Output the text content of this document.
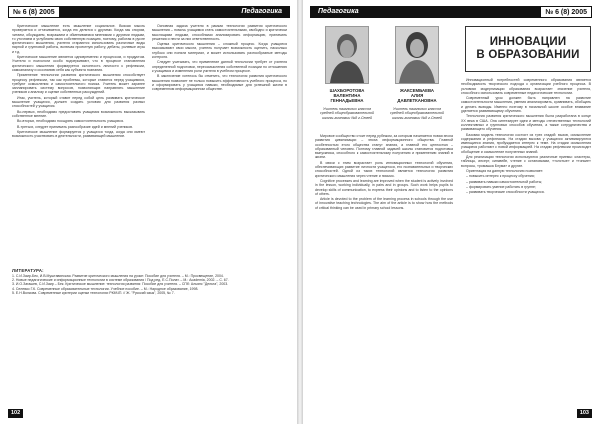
№ 6 (8) 2005	Педагогика

Критическое мышление есть мышление социальное. Всякая мысль проверяется и оттачивается, когда ею делятся с другими. Когда мы спорим, читаем, обсуждаем, возражаем и обмениваемся мнениями с другими людьми, то уточняем и углубляем свою собственную позицию, поэтому, работая в русле критического мышления, учителя стараются использовать различные виды парной и групповой работы, включая проектную работу, дебаты, ролевые игры и т.д.

Критическое мышление является одновременно и процессом, и продуктом. Учителя и психологи особо подчеркивают, что в процессе становления критического мышления формируется склонность личности к рефлексии, самоанализу и осознанию себя как субъекта познания.

Применение технологии развития критического мышления способствует процессу рефлексии, так как проблемы, которые ставятся перед учащимися, требуют осмысления и самостоятельного поиска. Учитель может заранее запланировать систему вопросов, позволяющих направлять мышление учеников к анализу и оценке собственных рассуждений.

Итак, учитель, который ставит перед собой цель развивать критическое мышление учащихся, должен создать условия для развития разных способностей у учащихся.

Во-первых, необходимо предоставить учащимся возможность высказывать собственное мнение.

Во-вторых, необходимо поощрять самостоятельность учащихся.

В-третьих, следует принимать разнообразие идей и мнений учеников.

Критическое мышление формируется у учащихся тогда, когда они имеют возможность участвовать в деятельности, развивающей мышление.

Основная задача учителя в рамках технологии развития критического мышления – помочь учащимся стать самостоятельными, свободно и критически мыслящими людьми, способными анализировать информацию, принимать решения и нести за них ответственность.

Оценка критического мышления – сложный процесс. Когда учащиеся высказывают свои мысли, учитель получает возможность оценить, насколько глубоко они поняли материал, и может использовать разнообразные методы контроля.

Следует учитывать, что применение данной технологии требует от учителя определенной подготовки, переосмысления собственной позиции по отношению к учащимся и изменения роли учителя в учебном процессе.

В заключение хотелось бы отметить, что технология развития критического мышления позволяет не только повысить эффективность учебного процесса, но и сформировать у учащихся навыки, необходимые для успешной жизни в современном информационном обществе.

ЛИТЕРАТУРА:
1. С.И.Заир-Бек, И.В.Муштавинская. Развитие критического мышления на уроке: Пособие для учителя. – М.: Просвещение, 2004.
2. Новые педагогические и информационные технологии в системе образования / Под ред. Е.С.Полат. – М.: Academia, 2002. – С. 67.
3. И.О.Загашев, С.И.Заир – Бек. Критическое мышление: технология развития: Пособие для учителя. – СПб: Альянс "Дельта", 2003.
4. Селевко Г.К. Современные образовательные технологии. Учебное пособие. – М.: Народное образование, 1998.
5. Е.Н.Волкова. Современные критерии оценки технологии РКМЧП. // Ж. "Русский язык", 2005, № 7.
102
Педагогика	№ 6 (8) 2005
ШАХБОРОТОВА
ВАЛЕНТИНА
ГЕННАДЬЕВНА
Учитель начальных классов средней общеобразовательной школы-гимназии №8 г.Семей
ЖАКСЕМБАЕВА
АЛИЯ
ДАВЛЕТКАНОВНА
Учитель начальных классов средней общеобразовательной школы-гимназии №8 г.Семей
ИННОВАЦИИ
В ОБРАЗОВАНИИ

Мировое сообщество стоит перед рубежом, за которым начинается новая эпоха развития цивилизации – эпоха информационного общества. Главной особенностью этого общества станут знания, а главной его ценностью – образованный человек. Поэтому главной задачей школы становится подготовка выпускника, способного к самостоятельному получению и применению знаний в жизни.

В связи с этим возрастает роль инновационных технологий обучения, обеспечивающих развитие личности учащегося, его познавательных и творческих способностей. Одной из таких технологий является технология развития критического мышления через чтение и письмо.

Cognitive processes and learning are improved when the student is actively involved in the lesson, working individually, in pairs and in groups. Such work helps pupils to develop skills of communication, to express their opinions and to listen to the opinions of others.

Article is devoted to the problem of the learning process in schools through the use of innovative teaching technologies. The aim of the article is to show how the methods of critical thinking can be used in primary school lessons.

Инновационный потребностей современного образования является необходимость творческого подхода к организации учебного процесса. В условиях модернизации образования возрастает значение учителя, способного использовать современные педагогические технологии.

Современный урок должен быть направлен на развитие самостоятельности мышления, умения анализировать, сравнивать, обобщать и делать выводы. Именно поэтому в начальной школе особое внимание уделяется развивающему обучению.

Технология развития критического мышления была разработана в конце XX века в США. Она синтезирует идеи и методы отечественных технологий коллективных и групповых способов обучения, а также сотрудничества и развивающего обучения.

Базовая модель технологии состоит из трех стадий: вызов, осмысление содержания и рефлексия. На стадии вызова у учащихся активизируются имеющиеся знания, пробуждается интерес к теме. На стадии осмысления учащиеся работают с новой информацией. На стадии рефлексии происходит обобщение и осмысление полученных знаний.

Для реализации технологии используются различные приемы: кластеры, таблицы, инсерт, синквейн, чтение с остановками, «толстые» и «тонкие» вопросы, «ромашка Блума» и другие.

Ориентация на данную технологию позволяет:

– повысить интерес к процессу обучения;

– развивать навыки самостоятельной работы;

– формировать умение работать в группе;

– развивать творческие способности учащихся.

103
